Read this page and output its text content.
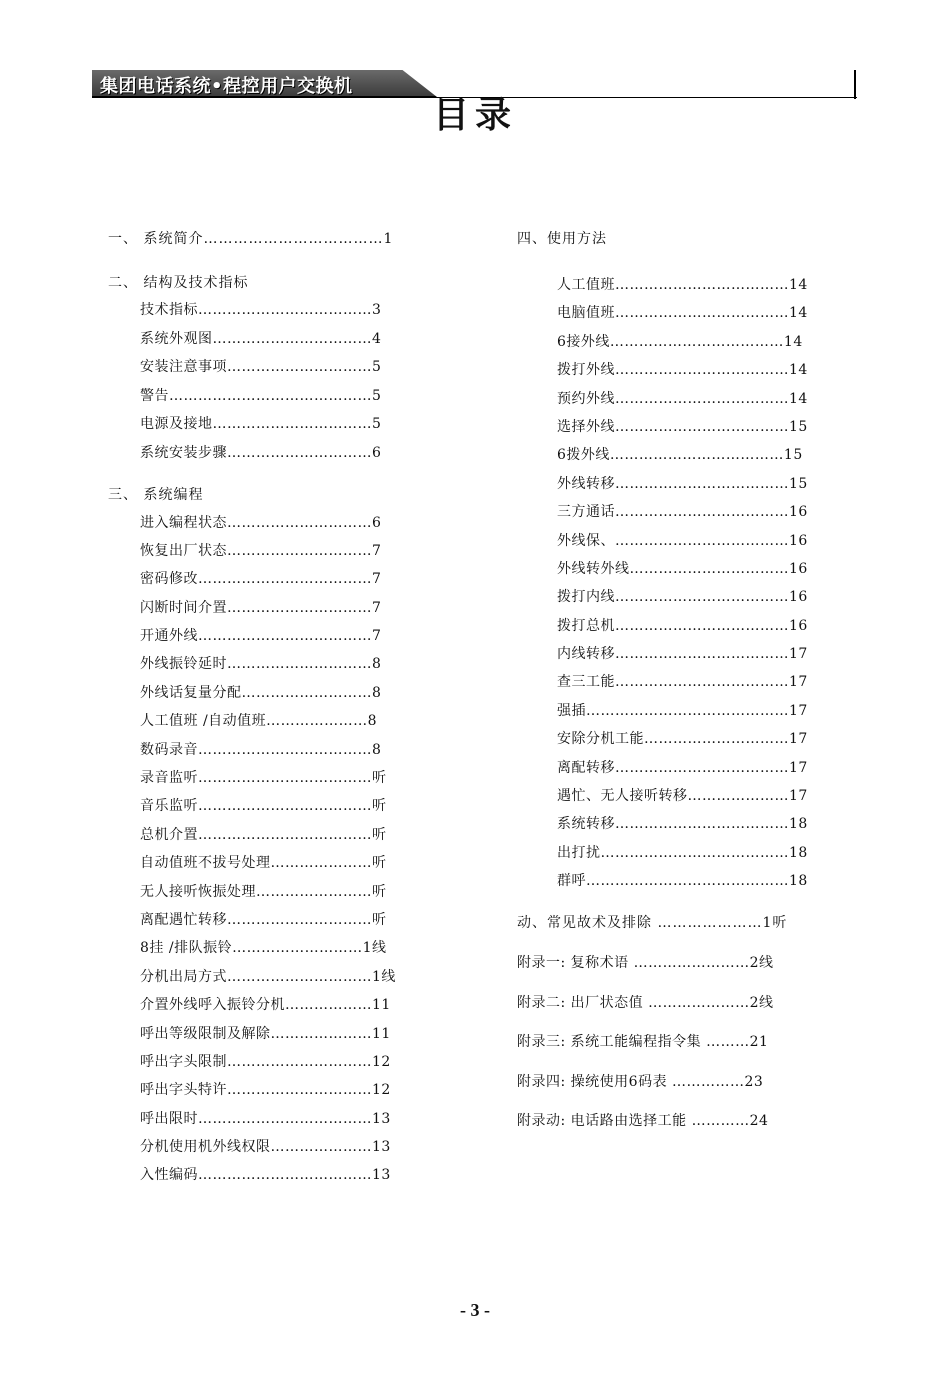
集团电话系统•程控用户交换机
目录
一、 系统简介………………………………1
二、 结构及技术指标
技术指标………………………………3
系统外观图……………………………4
安装注意事项…………………………5
警告……………………………………5
电源及接地……………………………5
系统安装步骤…………………………6
三、 系统编程
进入编程状态…………………………6
恢复出厂状态…………………………7
密码修改………………………………7
闪断时间介置…………………………7
开通外线………………………………7
外线振铃延时…………………………8
外线话复量分配………………………8
人工值班 /自动值班…………………8
数码录音………………………………8
录音监听………………………………听
音乐监听………………………………听
总机介置………………………………听
自动值班不拔号处理…………………听
无人接听恢振处理……………………听
离配遇忙转移…………………………听
8挂 /排队振铃………………………1线
分机出局方式…………………………1线
介置外线呼入振铃分机………………11
呼出等级限制及解除…………………11
呼出字头限制…………………………12
呼出字头特许…………………………12
呼出限时………………………………13
分机使用机外线权限…………………13
入性编码………………………………13
四、使用方法
人工值班………………………………14
电脑值班………………………………14
6接外线………………………………14
拨打外线………………………………14
预约外线………………………………14
选择外线………………………………15
6拨外线………………………………15
外线转移………………………………15
三方通话………………………………16
外线保、………………………………16
外线转外线……………………………16
拨打内线………………………………16
拨打总机………………………………16
内线转移………………………………17
查三工能………………………………17
强插……………………………………17
安除分机工能…………………………17
离配转移………………………………17
遇忙、无人接听转移…………………17
系统转移………………………………18
出打扰…………………………………18
群呼……………………………………18
动、常见故术及排除 …………………1听
附录一: 复称术语 ……………………2线
附录二: 出厂状态值 …………………2线
附录三: 系统工能编程指令集 ………21
附录四: 操统使用6码表 ……………23
附录动: 电话路由选择工能 …………24
- 3 -
